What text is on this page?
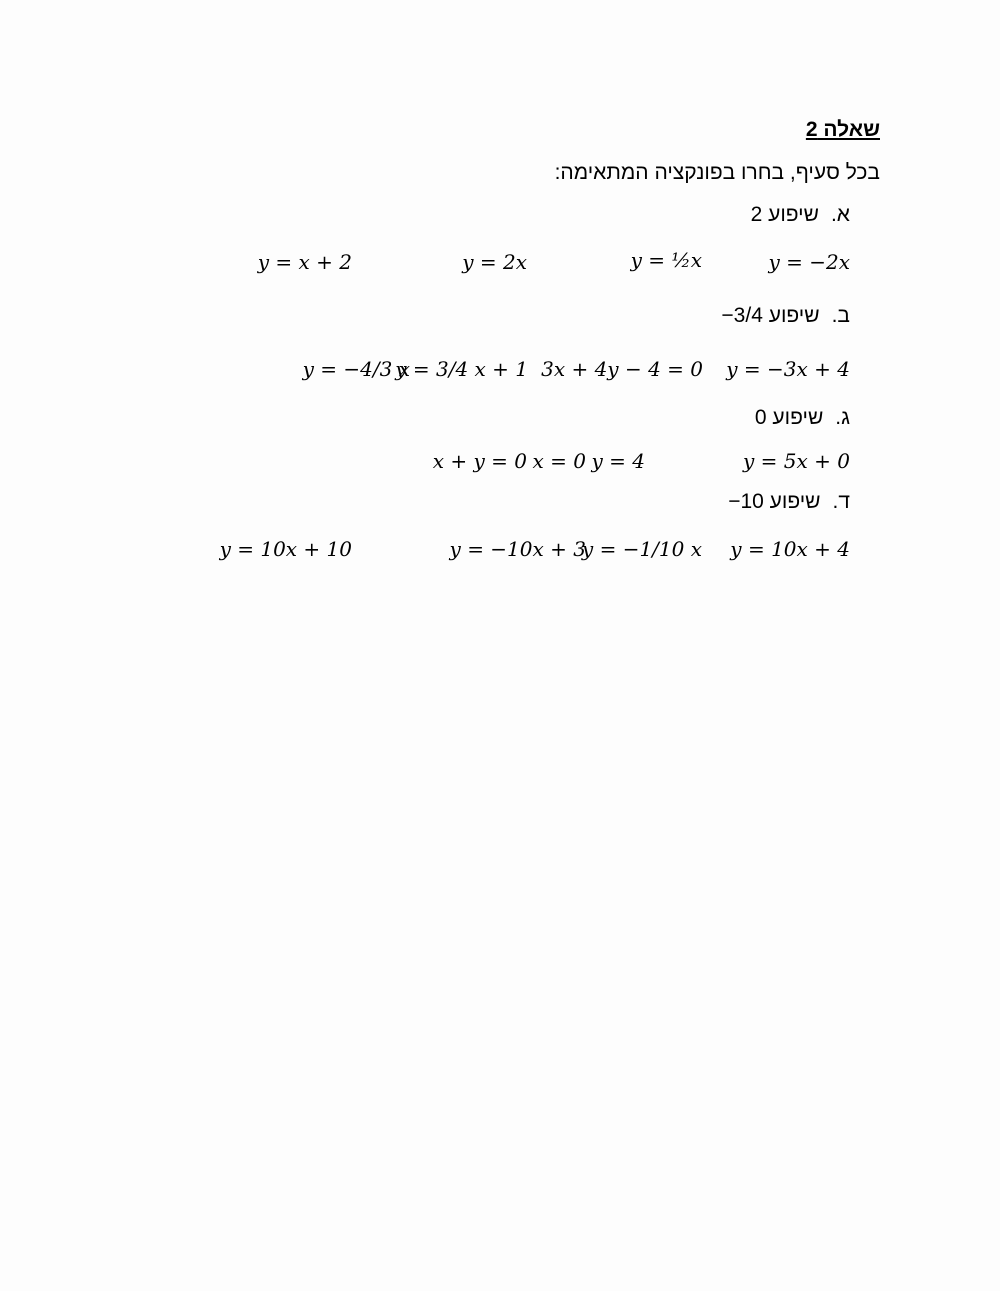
שאלה 2
בכל סעיף, בחרו בפונקציה המתאימה:
א.שיפוע 2
y = −2x
y = ½x
y = 2x
y = x + 2
ב.שיפוע −3/4
y = −3x + 4
3x + 4y − 4 = 0
y = 3/4 x + 1
y = −4/3 x
ג.שיפוע 0
y = 5x + 0
y = 4
x = 0
x + y = 0
ד.שיפוע −10
y = 10x + 4
y = −1/10 x
y = −10x + 3
y = 10x + 10
